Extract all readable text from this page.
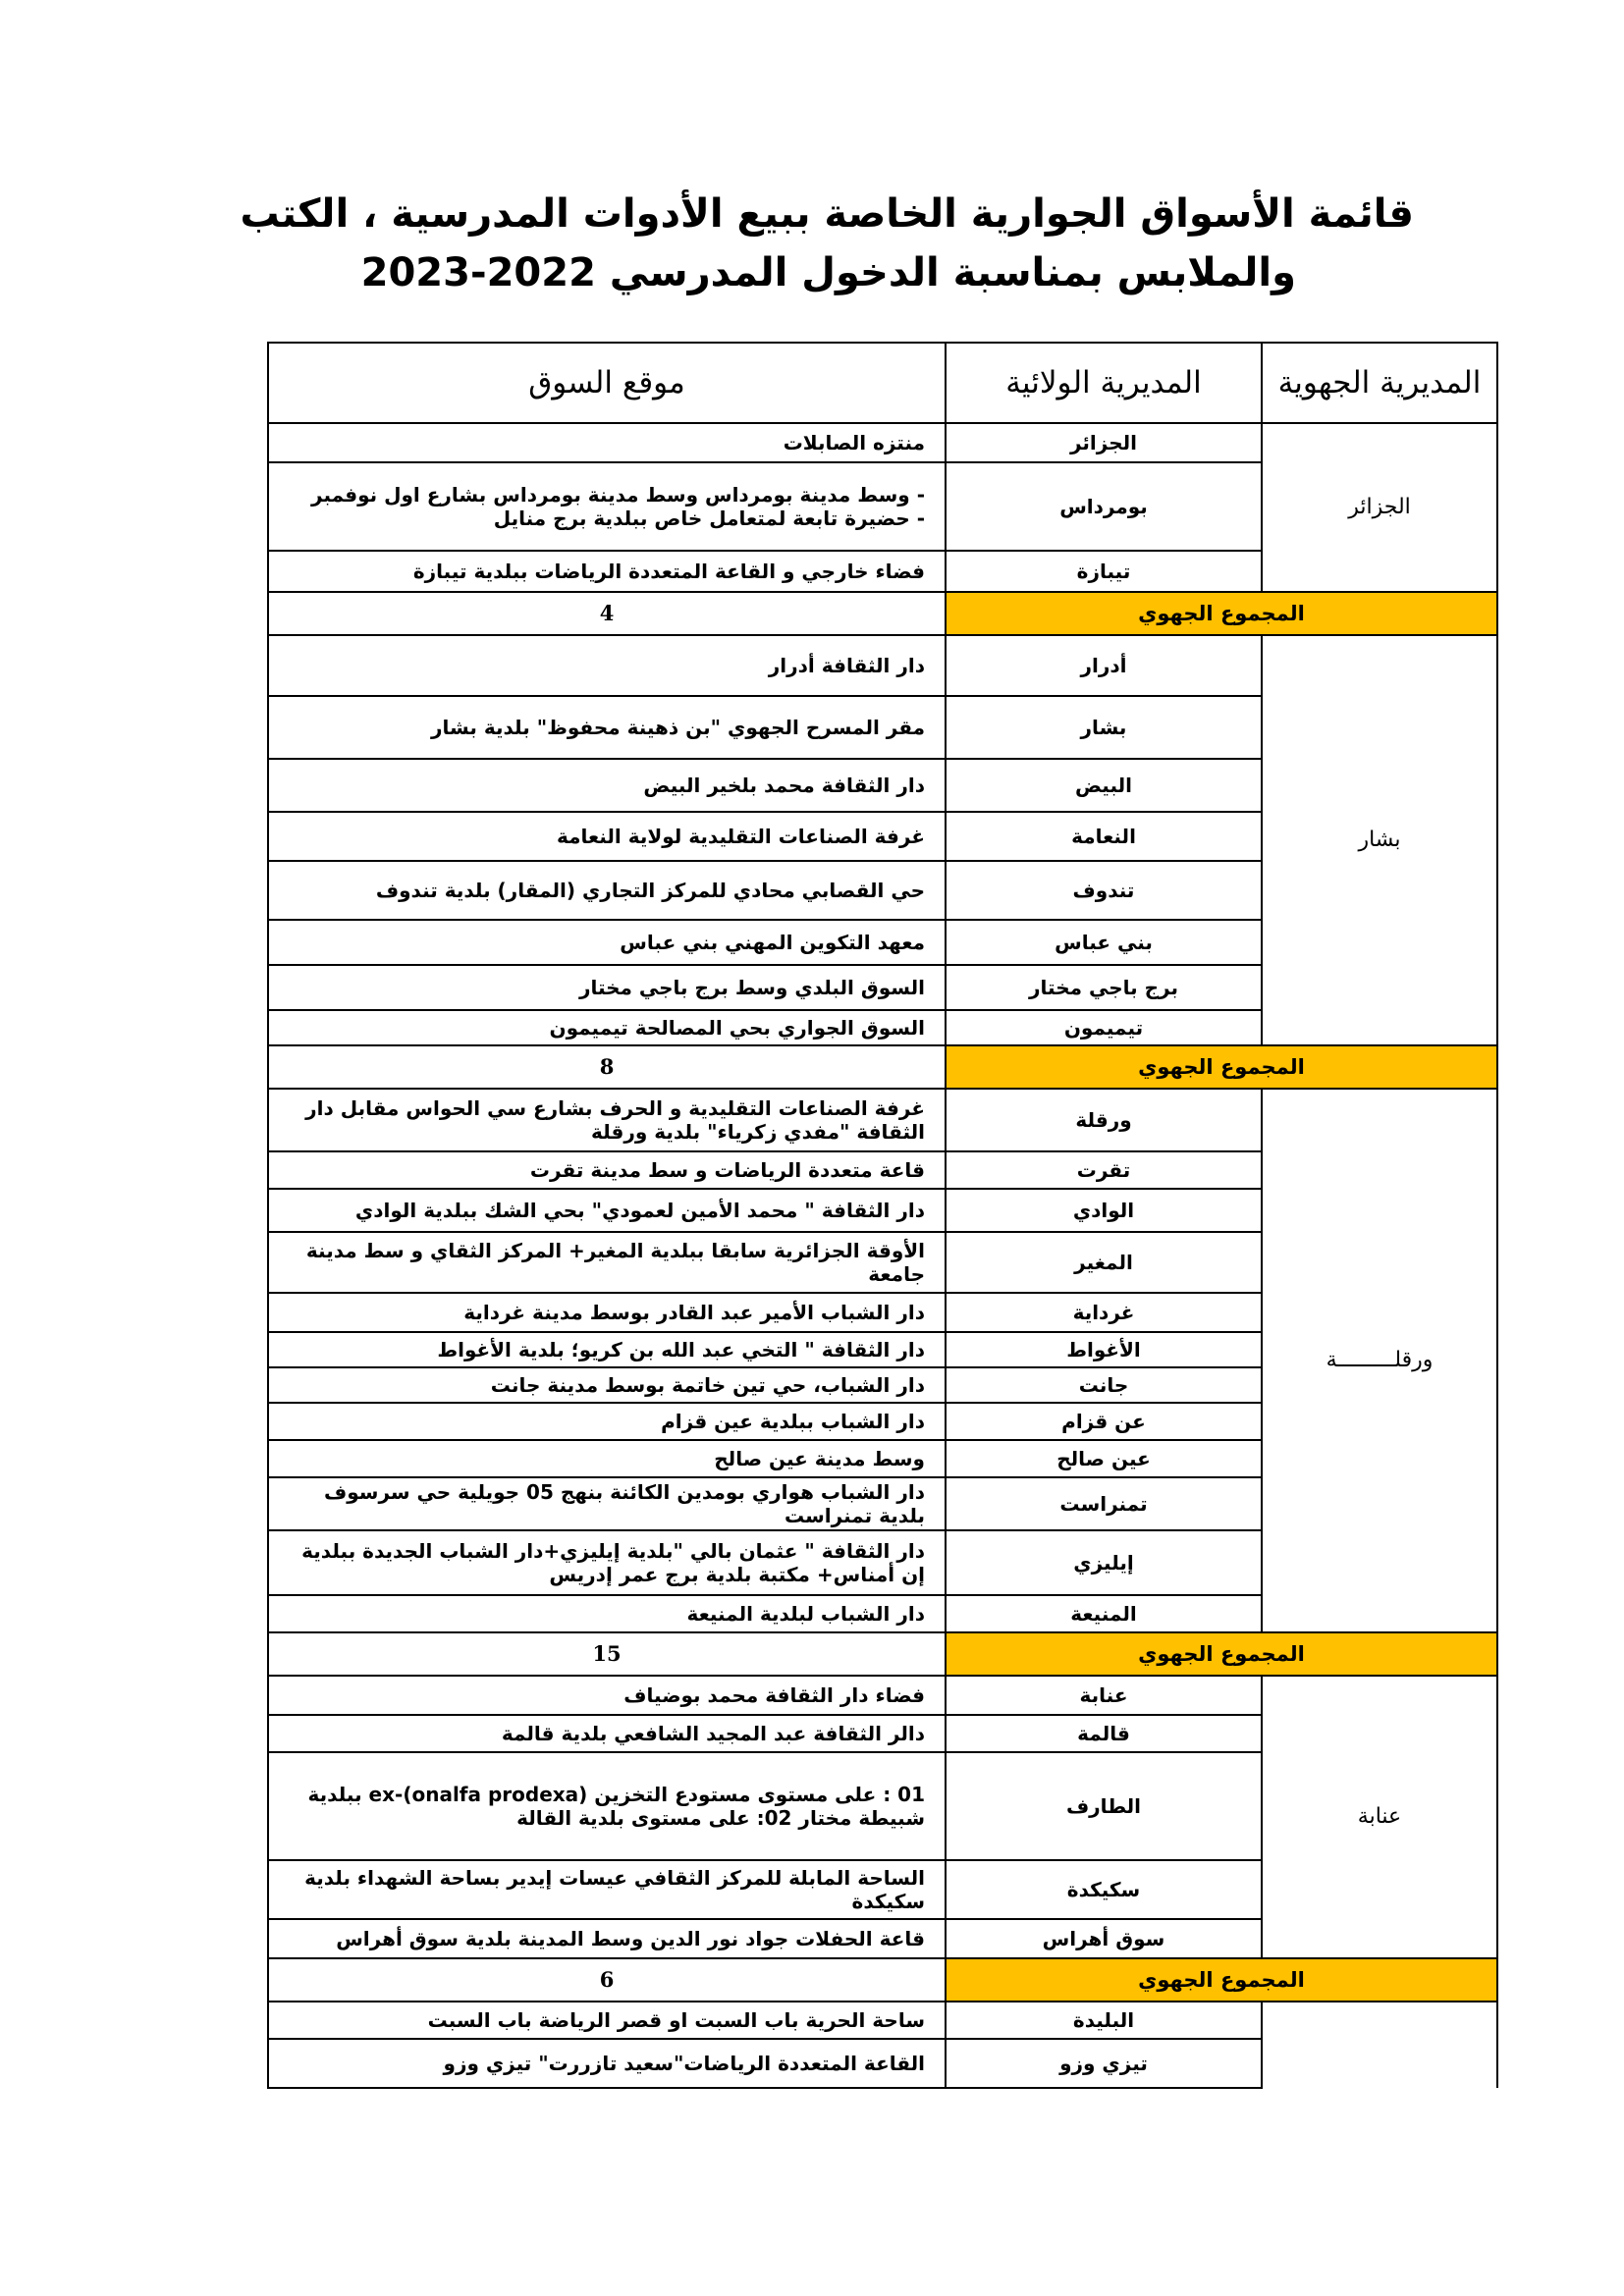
قائمة الأسواق الجوارية الخاصة ببيع الأدوات المدرسية ، الكتب
والملابس بمناسبة الدخول المدرسي 2022-2023
المديرية الجهوية	المديرية الولائية	موقع السوق
الجزائر	الجزائر	منتزه الصابلات
	بومرداس	- وسط مدينة بومرداس وسط مدينة بومرداس بشارع اول نوفمبر
- حضيرة تابعة لمتعامل خاص ببلدية برج منايل
	تيبازة	فضاء خارجي و القاعة المتعددة الرياضات ببلدية تيبازة
المجموع الجهوي		4
بشار	أدرار	دار الثقافة أدرار
	بشار	مقر المسرح الجهوي "بن ذهينة محفوظ" بلدية بشار
	البيض	دار الثقافة محمد بلخير البيض
	النعامة	غرفة الصناعات التقليدية لولاية النعامة
	تندوف	حي القصابي محادي للمركز التجاري (المقار) بلدية تندوف
	بني عباس	معهد التكوين المهني بني عباس
	برج باجي مختار	السوق البلدي وسط برج باجي مختار
	تيميمون	السوق الجواري بحي المصالحة تيميمون
المجموع الجهوي		8
ورقلـــــــــة	ورقلة	غرفة الصناعات التقليدية و الحرف بشارع سي الحواس مقابل دار الثقافة "مفدي زكرياء" بلدية ورقلة
	تقرت	قاعة متعددة الرياضات و سط مدينة تقرت
	الوادي	دار الثقافة " محمد الأمين لعمودي" بحي الشك ببلدية الوادي
	المغير	الأوقة الجزائرية سابقا ببلدية المغير+ المركز الثقاي و سط مدينة جامعة
	غرداية	دار الشباب الأمير عبد القادر بوسط مدينة غرداية
	الأغواط	دار الثقافة " التخي عبد الله بن كريو؛ بلدية الأغواط
	جانت	دار الشباب، حي تين خاتمة بوسط مدينة جانت
	عن قزام	دار الشباب ببلدية عين قزام
	عين صالح	وسط مدينة عين صالح
	تمنراست	دار الشباب هواري بومدين الكائنة بنهج 05 جويلية حي سرسوف بلدية تمنراست
	إيليزي	دار الثقافة " عثمان بالي "بلدية إيليزي+دار الشباب الجديدة ببلدية إن أمناس+ مكتبة بلدية برج عمر إدريس
	المنيعة	دار الشباب لبلدية المنيعة
المجموع الجهوي		15
عنابة	عنابة	فضاء دار الثقافة محمد بوضياف
	قالمة	دالر الثقافة عبد المجيد الشافعي بلدية قالمة
	الطارف	01 : على مستوى مستودع التخزين (onalfa prodexa)-ex ببلدية شبيطة مختار 02: على مستوى بلدية القالة
	سكيكدة	الساحة المابلة للمركز الثقافي عيسات إيدير بساحة الشهداء بلدية سكيكدة
	سوق أهراس	قاعة الحفلات جواد نور الدين وسط المدينة بلدية سوق أهراس
المجموع الجهوي		6
	البليدة	ساحة الحرية باب السبت او قصر الرياضة باب السبت
	تيزي وزو	القاعة المتعددة الرياضات"سعيد تازررت" تيزي وزو
